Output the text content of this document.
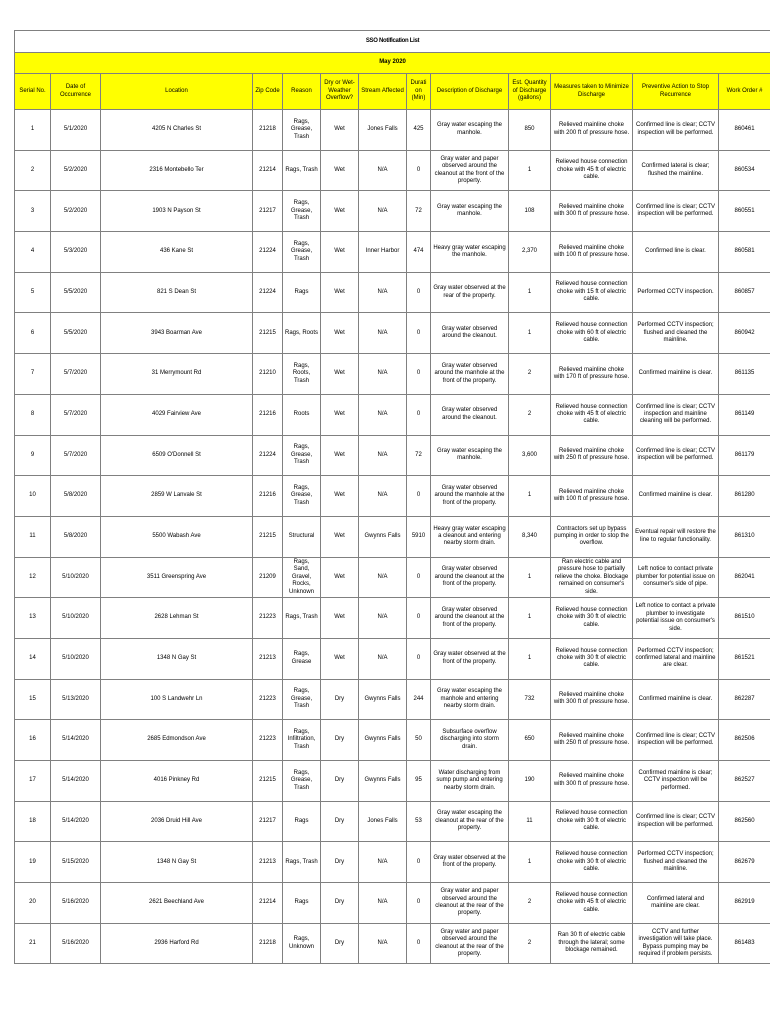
SSO Notification List												
May 2020												
Serial No.	Date of Occurrence	Location	Zip Code	Reason	Dry or Wet-Weather Overflow?	Stream Affected	Duration (Min)	Description of Discharge	Est. Quantity of Discharge (gallons)	Measures taken to Minimize Discharge	Preventive Action to Stop Recurrence	Work Order #
1	5/1/2020	4205 N Charles St	21218	Rags, Grease, Trash	Wet	Jones Falls	425	Gray water escaping the manhole.	850	Relieved mainline choke with 200 ft of pressure hose.	Confirmed line is clear; CCTV inspection will be performed.	860461
2	5/2/2020	2316 Montebello Ter	21214	Rags, Trash	Wet	N/A	0	Gray water and paper observed around the cleanout at the front of the property.	1	Relieved house connection choke with 45 ft of electric cable.	Confirmed lateral is clear; flushed the mainline.	860534
3	5/2/2020	1903 N Payson St	21217	Rags, Grease, Trash	Wet	N/A	72	Gray water escaping the manhole.	108	Relieved mainline choke with 300 ft of pressure hose.	Confirmed line is clear; CCTV inspection will be performed.	860551
4	5/3/2020	436 Kane St	21224	Rags, Grease, Trash	Wet	Inner Harbor	474	Heavy gray water escaping the manhole.	2,370	Relieved mainline choke with 100 ft of pressure hose.	Confirmed line is clear.	860581
5	5/5/2020	821 S Dean St	21224	Rags	Wet	N/A	0	Gray water observed at the rear of the property.	1	Relieved house connection choke with 15 ft of electric cable.	Performed CCTV inspection.	860857
6	5/5/2020	3943 Boarman Ave	21215	Rags, Roots	Wet	N/A	0	Gray water observed around the cleanout.	1	Relieved house connection choke with 60 ft of electric cable.	Performed CCTV inspection; flushed and cleaned the mainline.	860942
7	5/7/2020	31 Merrymount Rd	21210	Rags, Roots, Trash	Wet	N/A	0	Gray water observed around the manhole at the front of the property.	2	Relieved mainline choke with 170 ft of pressure hose.	Confirmed mainline is clear.	861135
8	5/7/2020	4029 Fairview Ave	21216	Roots	Wet	N/A	0	Gray water observed around the cleanout.	2	Relieved house connection choke with 45 ft of electric cable.	Confirmed line is clear; CCTV inspection and mainline cleaning will be performed.	861149
9	5/7/2020	6509 O'Donnell St	21224	Rags, Grease, Trash	Wet	N/A	72	Gray water escaping the manhole.	3,600	Relieved mainline choke with 250 ft of pressure hose.	Confirmed line is clear; CCTV inspection will be performed.	861179
10	5/8/2020	2859 W Lanvale St	21216	Rags, Grease, Trash	Wet	N/A	0	Gray water observed around the manhole at the front of the property.	1	Relieved mainline choke with 100 ft of pressure hose.	Confirmed mainline is clear.	861280
11	5/8/2020	5500 Wabash Ave	21215	Structural	Wet	Gwynns Falls	5910	Heavy gray water escaping a cleanout and entering nearby storm drain.	8,340	Contractors set up bypass pumping in order to stop the overflow.	Eventual repair will restore the line to regular functionality.	861310
12	5/10/2020	3511 Greenspring Ave	21209	Rags, Sand, Gravel, Rocks, Unknown	Wet	N/A	0	Gray water observed around the cleanout at the front of the property.	1	Ran electric cable and pressure hose to partially relieve the choke. Blockage remained on consumer's side.	Left notice to contact private plumber for potential issue on consumer's side of pipe.	862041
13	5/10/2020	2628 Lehman St	21223	Rags, Trash	Wet	N/A	0	Gray water observed around the cleanout at the front of the property.	1	Relieved house connection choke with 30 ft of electric cable.	Left notice to contact a private plumber to investigate potential issue on consumer's side.	861510
14	5/10/2020	1348 N Gay St	21213	Rags, Grease	Wet	N/A	0	Gray water observed at the front of the property.	1	Relieved house connection choke with 30 ft of electric cable.	Performed CCTV inspection; confirmed lateral and mainline are clear.	861521
15	5/13/2020	100 S Landwehr Ln	21223	Rags, Grease, Trash	Dry	Gwynns Falls	244	Gray water escaping the manhole and entering nearby storm drain.	732	Relieved mainline choke with 300 ft of pressure hose.	Confirmed mainline is clear.	862287
16	5/14/2020	2685 Edmondson Ave	21223	Rags, Infiltration, Trash	Dry	Gwynns Falls	50	Subsurface overflow discharging into storm drain.	650	Relieved mainline choke with 250 ft of pressure hose.	Confirmed line is clear; CCTV inspection will be performed.	862506
17	5/14/2020	4016 Pinkney Rd	21215	Rags, Grease, Trash	Dry	Gwynns Falls	95	Water discharging from sump pump and entering nearby storm drain.	190	Relieved mainline choke with 300 ft of pressure hose.	Confirmed mainline is clear; CCTV inspection will be performed.	862527
18	5/14/2020	2036 Druid Hill Ave	21217	Rags	Dry	Jones Falls	53	Gray water escaping the cleanout at the rear of the property.	11	Relieved house connection choke with 30 ft of electric cable.	Confirmed line is clear; CCTV inspection will be performed.	862560
19	5/15/2020	1348 N Gay St	21213	Rags, Trash	Dry	N/A	0	Gray water observed at the front of the property.	1	Relieved house connection choke with 30 ft of electric cable.	Performed CCTV inspection; flushed and cleaned the mainline.	862679
20	5/16/2020	2621 Beechland Ave	21214	Rags	Dry	N/A	0	Gray water and paper observed around the cleanout at the rear of the property.	2	Relieved house connection choke with 45 ft of electric cable.	Confirmed lateral and mainline are clear.	862919
21	5/16/2020	2936 Harford Rd	21218	Rags, Unknown	Dry	N/A	0	Gray water and paper observed around the cleanout at the rear of the property.	2	Ran 30 ft of electric cable through the lateral; some blockage remained.	CCTV and further investigation will take place. Bypass pumping may be required if problem persists.	861483
